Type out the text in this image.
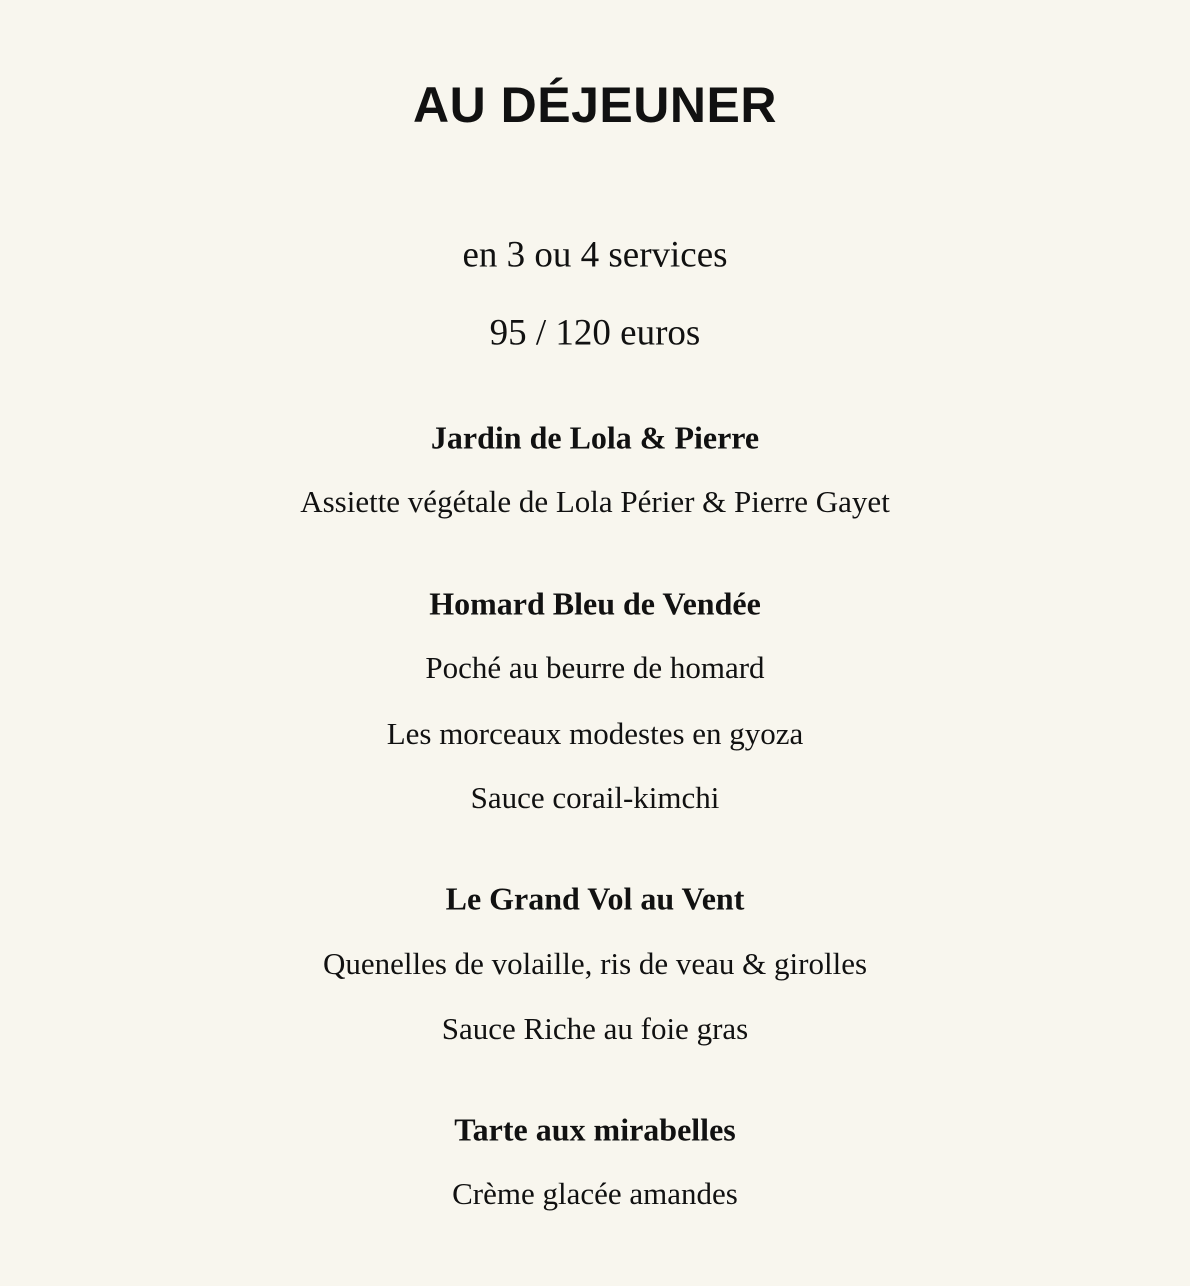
AU DÉJEUNER
en 3 ou 4 services
95 / 120 euros
Jardin de Lola & Pierre
Assiette végétale de Lola Périer & Pierre Gayet
Homard Bleu de Vendée
Poché au beurre de homard
Les morceaux modestes en gyoza
Sauce corail-kimchi
Le Grand Vol au Vent
Quenelles de volaille, ris de veau & girolles
Sauce Riche au foie gras
Tarte aux mirabelles
Crème glacée amandes
